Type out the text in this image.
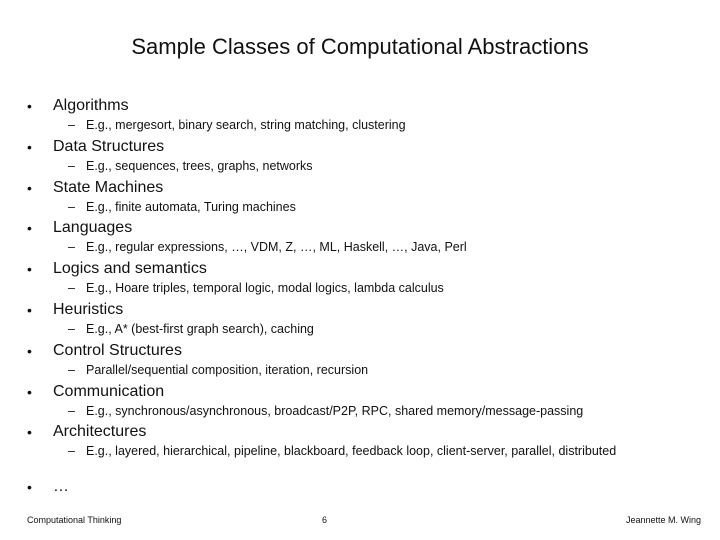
Sample Classes of Computational Abstractions
• Algorithms
– E.g., mergesort, binary search, string matching, clustering
• Data Structures
– E.g., sequences, trees, graphs, networks
• State Machines
– E.g., finite automata, Turing machines
• Languages
– E.g., regular expressions, …, VDM, Z, …, ML, Haskell, …, Java, Perl
• Logics and semantics
– E.g., Hoare triples, temporal logic, modal logics, lambda calculus
• Heuristics
– E.g., A* (best-first graph search), caching
• Control Structures
– Parallel/sequential composition, iteration, recursion
• Communication
– E.g., synchronous/asynchronous, broadcast/P2P, RPC, shared memory/message-passing
• Architectures
– E.g., layered, hierarchical, pipeline, blackboard, feedback loop, client-server, parallel, distributed
• …
Computational Thinking	6	Jeannette M. Wing
